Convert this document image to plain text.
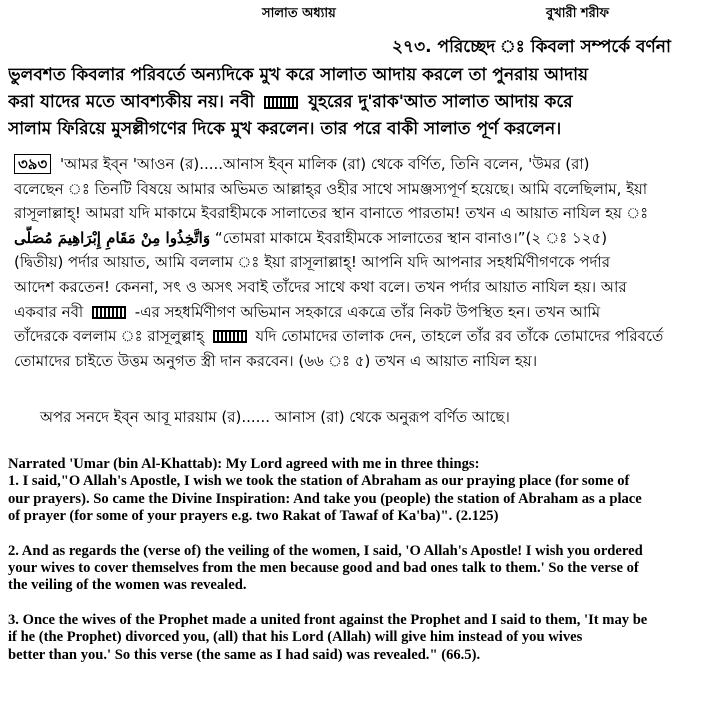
সালাত অধ্যায়	বুখারী শরীফ
২৭৩. পরিচ্ছেদ ঃ কিবলা সম্পর্কে বর্ণনা
ভুলবশত কিবলার পরিবর্তে অন্যদিকে মুখ করে সালাত আদায় করলে তা পুনরায় আদায়
করা যাদের মতে আবশ্যকীয় নয়। নবী	যুহরের দু'রাক'আত সালাত আদায় করে
সালাম ফিরিয়ে মুসল্লীগণের দিকে মুখ করলেন। তার পরে বাকী সালাত পূর্ণ করলেন।
৩৯৩ 'আমর ইব্‌ন 'আওন (র).....আনাস ইব্‌ন মালিক (রা) থেকে বর্ণিত, তিনি বলেন, 'উমর (রা)
বলেছেন ঃ তিনটি বিষয়ে আমার অভিমত আল্লাহ্‌র ওহীর সাথে সামঞ্জস্যপূর্ণ হয়েছে। আমি বলেছিলাম, ইয়া
রাসূলাল্লাহ্‌! আমরা যদি মাকামে ইবরাহীমকে সালাতের স্থান বানাতে পারতাম! তখন এ আয়াত নাযিল হয় ঃ
وَاتَّخِذُوا مِنْ مَقَامِ إِبْرَاهِيمَ مُصَلًّى “তোমরা মাকামে ইবরাহীমকে সালাতের স্থান বানাও।”(২ ঃ ১২৫)
(দ্বিতীয়) পর্দার আয়াত, আমি বললাম ঃ ইয়া রাসূলাল্লাহ্‌! আপনি যদি আপনার সহধর্মিণীগণকে পর্দার
আদেশ করতেন! কেননা, সৎ ও অসৎ সবাই তাঁদের সাথে কথা বলে। তখন পর্দার আয়াত নাযিল হয়। আর
একবার নবী	-এর সহধর্মিণীগণ অভিমান সহকারে একত্রে তাঁর নিকট উপস্থিত হন। তখন আমি
তাঁদেরকে বললাম ঃ রাসূলুল্লাহ্‌	যদি তোমাদের তালাক দেন, তাহলে তাঁর রব তাঁকে তোমাদের পরিবর্তে
তোমাদের চাইতে উত্তম অনুগত স্ত্রী দান করবেন। (৬৬ ঃ ৫) তখন এ আয়াত নাযিল হয়।
অপর সনদে ইব্‌ন আবূ মারয়াম (র)...... আনাস (রা) থেকে অনুরূপ বর্ণিত আছে।

Narrated 'Umar (bin Al-Khattab): My Lord agreed with me in three things:

1. I said,"O Allah's Apostle, I wish we took the station of Abraham as our praying place (for some of

our prayers). So came the Divine Inspiration: And take you (people) the station of Abraham as a place

of prayer (for some of your prayers e.g. two Rakat of Tawaf of Ka'ba)". (2.125)

2. And as regards the (verse of) the veiling of the women, I said, 'O Allah's Apostle! I wish you ordered

your wives to cover themselves from the men because good and bad ones talk to them.' So the verse of

the veiling of the women was revealed.

3. Once the wives of the Prophet made a united front against the Prophet and I said to them, 'It may be

if he (the Prophet) divorced you, (all) that his Lord (Allah) will give him instead of you wives

better than you.' So this verse (the same as I had said) was revealed." (66.5).
